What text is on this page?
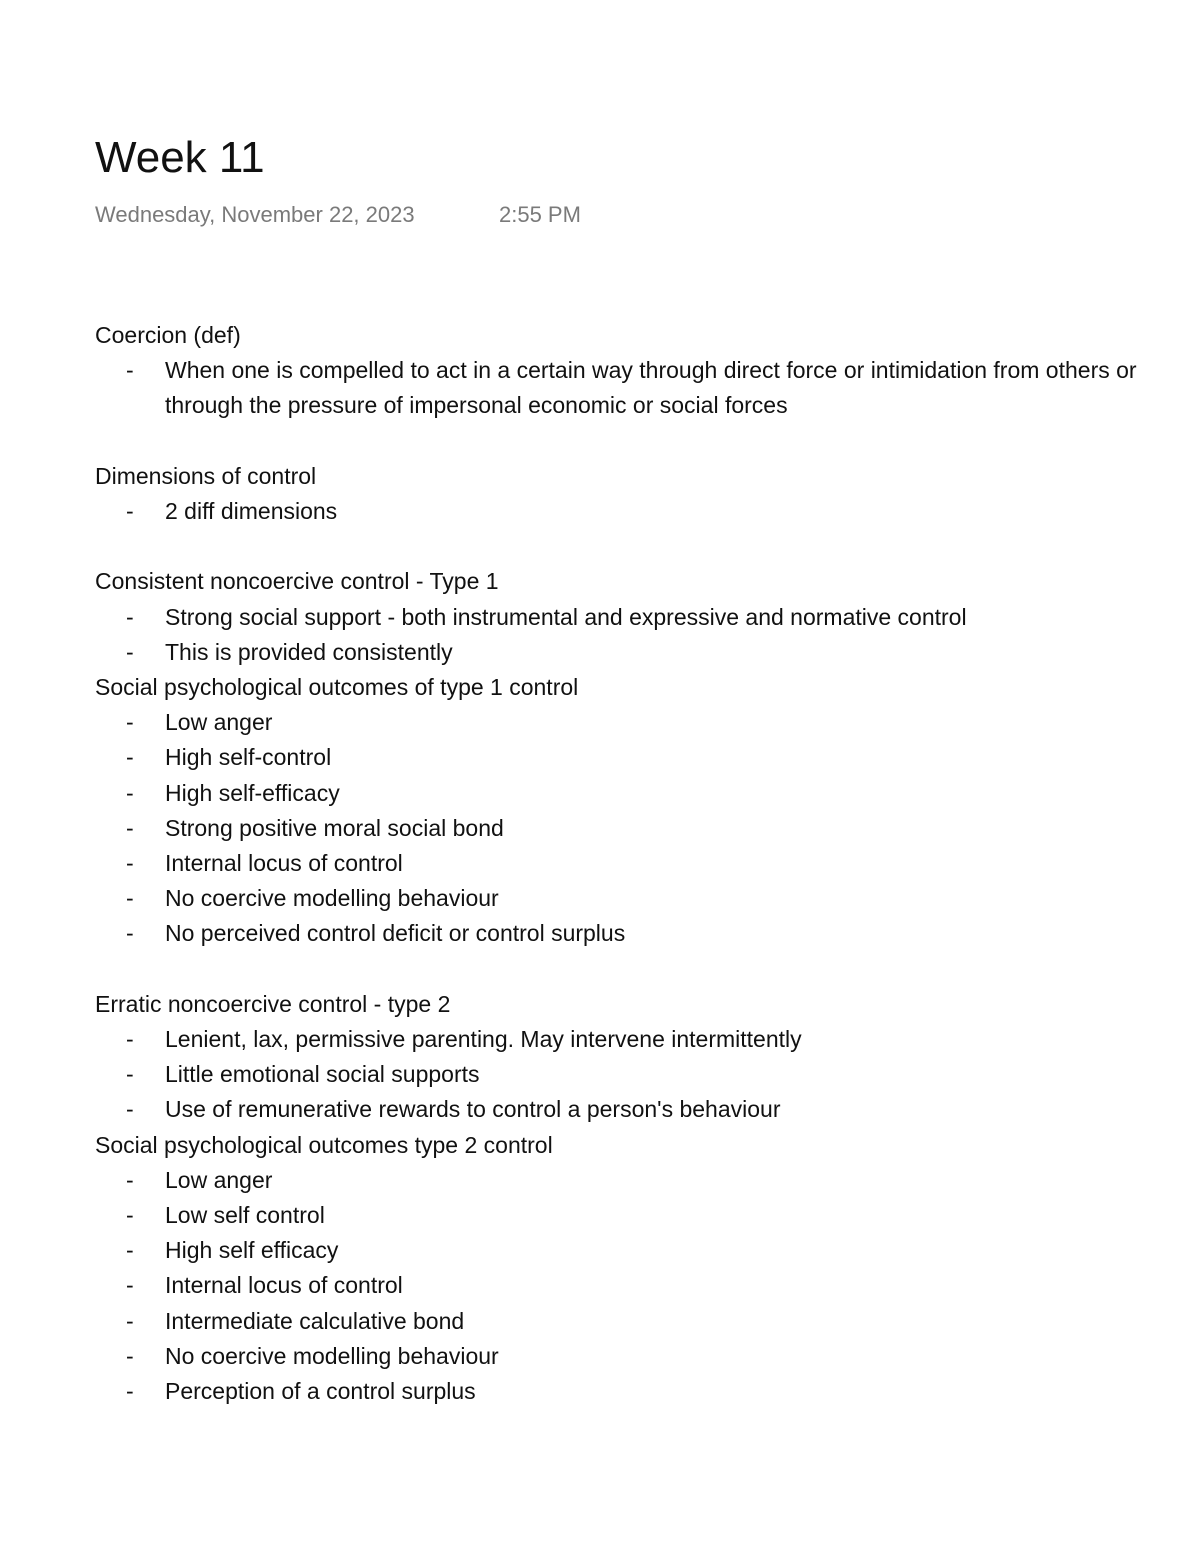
Week 11
Wednesday, November 22, 2023	2:55 PM

Coercion (def)

- When one is compelled to act in a certain way through direct force or intimidation from others or through the pressure of impersonal economic or social forces

Dimensions of control

- 2 diff dimensions

Consistent noncoercive control - Type 1

- Strong social support - both instrumental and expressive and normative control
- This is provided consistently

Social psychological outcomes of type 1 control

- Low anger
- High self-control
- High self-efficacy
- Strong positive moral social bond
- Internal locus of control
- No coercive modelling behaviour
- No perceived control deficit or control surplus

Erratic noncoercive control - type 2

- Lenient, lax, permissive parenting. May intervene intermittently
- Little emotional social supports
- Use of remunerative rewards to control a person's behaviour

Social psychological outcomes type 2 control

- Low anger
- Low self control
- High self efficacy
- Internal locus of control
- Intermediate calculative bond
- No coercive modelling behaviour
- Perception of a control surplus
